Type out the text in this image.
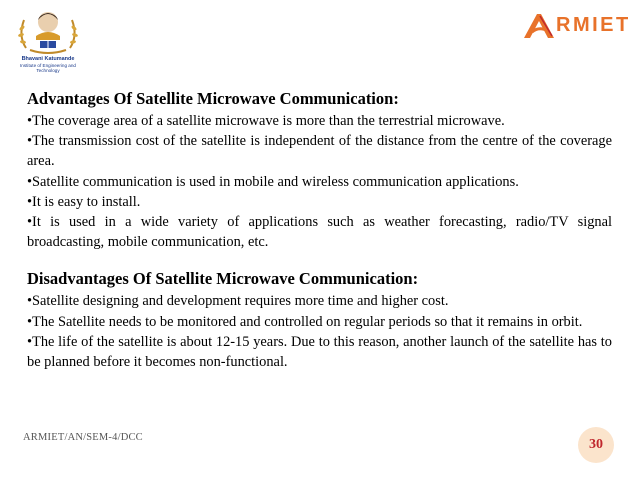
Bhavani Katumande
Institute of Engineering and Technology
RMIET

Advantages Of Satellite Microwave Communication:

•The coverage area of a satellite microwave is more than the terrestrial microwave.

•The transmission cost of the satellite is independent of the distance from the centre of the coverage area.

•Satellite communication is used in mobile and wireless communication applications.

•It is easy to install.

•It is used in a wide variety of applications such as weather forecasting, radio/TV signal broadcasting, mobile communication, etc.

Disadvantages Of Satellite Microwave Communication:

•Satellite designing and development requires more time and higher cost.

•The Satellite needs to be monitored and controlled on regular periods so that it remains in orbit.

•The life of the satellite is about 12-15 years. Due to this reason, another launch of the satellite has to be planned before it becomes non-functional.

ARMIET/AN/SEM-4/DCC	30
